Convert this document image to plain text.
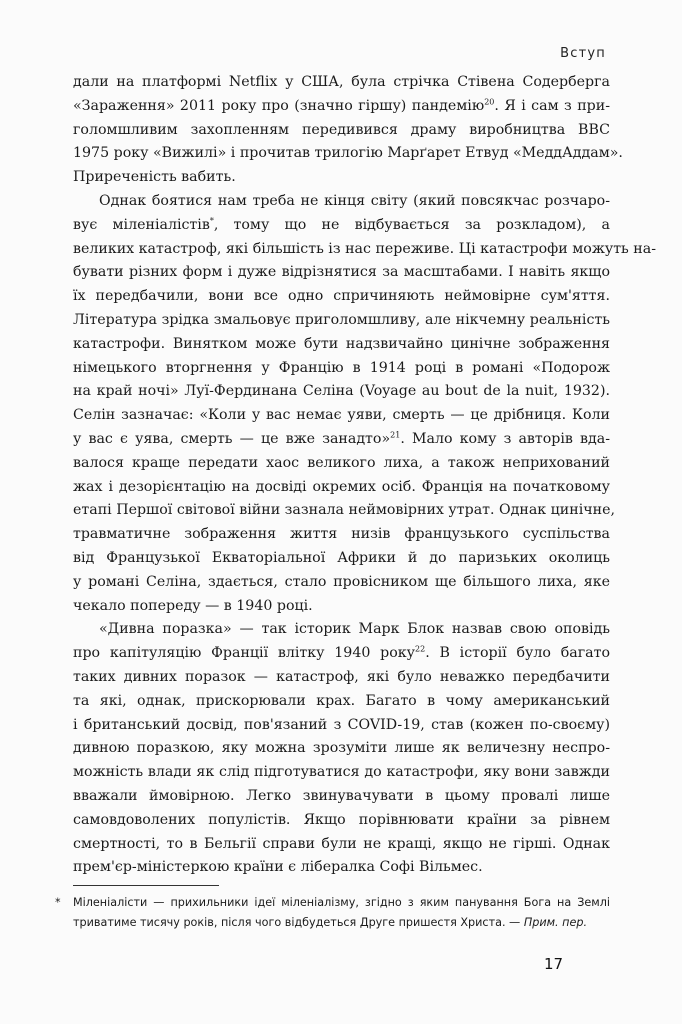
Вступ
дали на платформі Netflix у США, була стрічка Стівена Содерберга
«Зараження» 2011 року про (значно гіршу) пандемію$^{20}$. Я і сам з при-
голомшливим захопленням передивився драму виробництва BBC
1975 року «Вижилі» і прочитав трилогію Марґарет Етвуд «МеддАддам».
Приреченість вабить.
Однак боятися нам треба не кінця світу (який повсякчас розчаро-
вує міленіалістів*, тому що не відбувається за розкладом), а
великих катастроф, які більшість із нас переживе. Ці катастрофи можуть на-
бувати різних форм і дуже відрізнятися за масштабами. І навіть якщо
їх передбачили, вони все одно спричиняють неймовірне сум'яття.
Література зрідка змальовує приголомшливу, але нікчемну реальність
катастрофи. Винятком може бути надзвичайно цинічне зображення
німецького вторгнення у Францію в 1914 році в романі «Подорож
на край ночі» Луї-Фердинана Селіна (Voyage au bout de la nuit, 1932).
Селін зазначає: «Коли у вас немає уяви, смерть — це дрібниця. Коли
у вас є уява, смерть — це вже занадто»$^{21}$. Мало кому з авторів вда-
валося краще передати хаос великого лиха, а також неприхований
жах і дезорієнтацію на досвіді окремих осіб. Франція на початковому
етапі Першої світової війни зазнала неймовірних утрат. Однак цинічне,
травматичне зображення життя низів французького суспільства
від Французької Екваторіальної Африки й до паризьких околиць
у романі Селіна, здається, стало провісником ще більшого лиха, яке
чекало попереду — в 1940 році.
«Дивна поразка» — так історик Марк Блок назвав свою оповідь
про капітуляцію Франції влітку 1940 року$^{22}$. В історії було багато
таких дивних поразок — катастроф, які було неважко передбачити
та які, однак, прискорювали крах. Багато в чому американський
і британський досвід, пов'язаний з COVID-19, став (кожен по-своєму)
дивною поразкою, яку можна зрозуміти лише як величезну неспро-
можність влади як слід підготуватися до катастрофи, яку вони завжди
вважали ймовірною. Легко звинувачувати в цьому провалі лише
самовдоволених популістів. Якщо порівнювати країни за рівнем
смертності, то в Бельгії справи були не кращі, якщо не гірші. Однак
прем'єр-міністеркою країни є лібералка Софі Вільмес.
* Міленіалісти — прихильники ідеї міленіалізму, згідно з яким панування Бога на Землі
триватиме тисячу років, після чого відбудеться Друге пришестя Христа. — Прим. пер.
17
